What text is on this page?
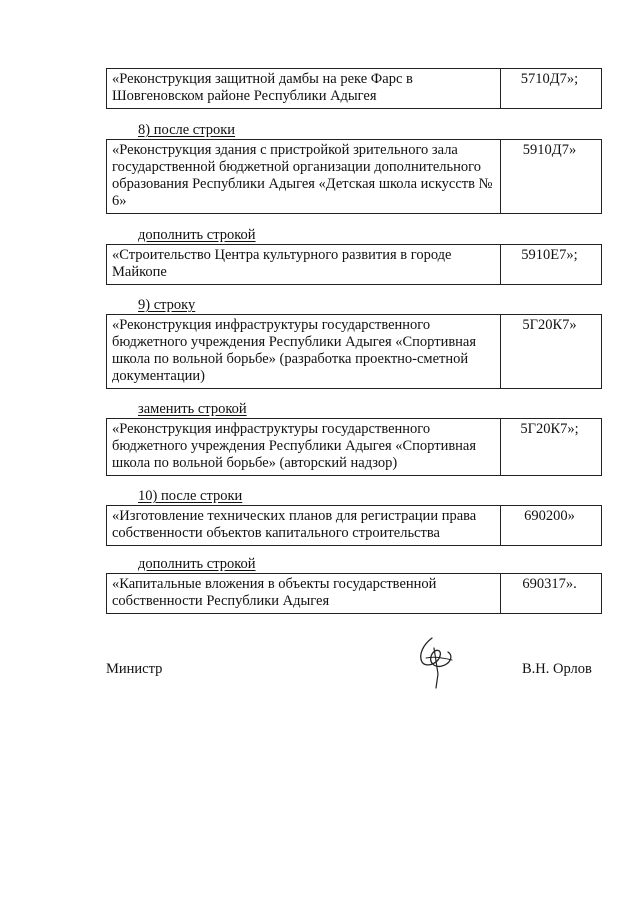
«Реконструкция защитной дамбы на реке Фарс в Шовгеновском районе Республики Адыгея	5710Д7»;
8) после строки
«Реконструкция здания с пристройкой зрительного зала государственной бюджетной организации дополнительного образования Республики Адыгея «Детская школа искусств № 6»	5910Д7»
дополнить строкой
«Строительство Центра культурного развития в городе Майкопе	5910Е7»;
9) строку
«Реконструкция инфраструктуры государственного бюджетного учреждения Республики Адыгея «Спортивная школа по вольной борьбе» (разработка проектно-сметной документации)	5Г20К7»
заменить строкой
«Реконструкция инфраструктуры государственного бюджетного учреждения Республики Адыгея «Спортивная школа по вольной борьбе» (авторский надзор)	5Г20К7»;
10) после строки
«Изготовление технических планов для регистрации права собственности объектов капитального строительства	690200»
дополнить строкой
«Капитальные вложения в объекты государственной собственности Республики Адыгея	690317».
Министр	В.Н. Орлов
